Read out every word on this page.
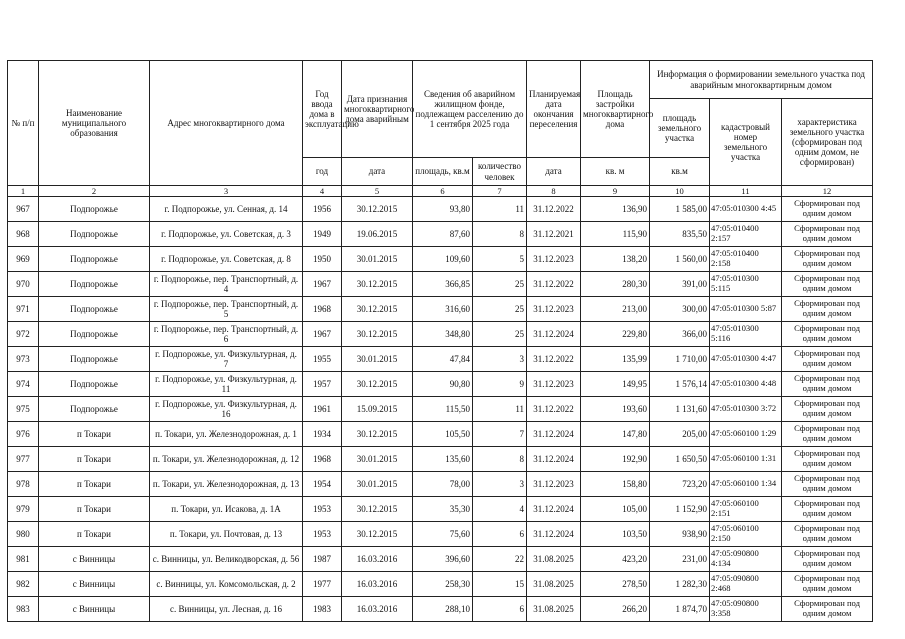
№ п/п	Наименование муниципального образования	Адрес многоквартирного дома	Год ввода дома в эксплуатацию	Дата признания многоквартирного дома аварийным	Сведения об аварийном жилищном фонде, подлежащем расселению до 1 сентября 2025 года		Планируемая дата окончания переселения	Площадь застройки многоквартирного дома	Информация о формировании земельного участка под аварийным многоквартирным домом		
									площадь земельного участка	кадастровый номер земельного участка	характеристика земельного участка (сформирован под одним домом, не сформирован)
			год	дата	площадь, кв.м	количество человек	дата	кв. м	кв.м		
1	2	3	4	5	6	7	8	9	10	11	12
967	Подпорожье	г. Подпорожье, ул. Сенная, д. 14	1956	30.12.2015	93,80	11	31.12.2022	136,90	1 585,00	47:05:010300 4:45	Сформирован под одним домом
968	Подпорожье	г. Подпорожье, ул. Советская, д. 3	1949	19.06.2015	87,60	8	31.12.2021	115,90	835,50	47:05:010400 2:157	Сформирован под одним домом
969	Подпорожье	г. Подпорожье, ул. Советская, д. 8	1950	30.01.2015	109,60	5	31.12.2023	138,20	1 560,00	47:05:010400 2:158	Сформирован под одним домом
970	Подпорожье	г. Подпорожье, пер. Транспортный, д. 4	1967	30.12.2015	366,85	25	31.12.2022	280,30	391,00	47:05:010300 5:115	Сформирован под одним домом
971	Подпорожье	г. Подпорожье, пер. Транспортный, д. 5	1968	30.12.2015	316,60	25	31.12.2023	213,00	300,00	47:05:010300 5:87	Сформирован под одним домом
972	Подпорожье	г. Подпорожье, пер. Транспортный, д. 6	1967	30.12.2015	348,80	25	31.12.2024	229,80	366,00	47:05:010300 5:116	Сформирован под одним домом
973	Подпорожье	г. Подпорожье, ул. Физкультурная, д. 7	1955	30.01.2015	47,84	3	31.12.2022	135,99	1 710,00	47:05:010300 4:47	Сформирован под одним домом
974	Подпорожье	г. Подпорожье, ул. Физкультурная, д. 11	1957	30.12.2015	90,80	9	31.12.2023	149,95	1 576,14	47:05:010300 4:48	Сформирован под одним домом
975	Подпорожье	г. Подпорожье, ул. Физкультурная, д. 16	1961	15.09.2015	115,50	11	31.12.2022	193,60	1 131,60	47:05:010300 3:72	Сформирован под одним домом
976	п Токари	п. Токари, ул. Железнодорожная, д. 1	1934	30.12.2015	105,50	7	31.12.2024	147,80	205,00	47:05:060100 1:29	Сформирован под одним домом
977	п Токари	п. Токари, ул. Железнодорожная, д. 12	1968	30.01.2015	135,60	8	31.12.2024	192,90	1 650,50	47:05:060100 1:31	Сформирован под одним домом
978	п Токари	п. Токари, ул. Железнодорожная, д. 13	1954	30.01.2015	78,00	3	31.12.2023	158,80	723,20	47:05:060100 1:34	Сформирован под одним домом
979	п Токари	п. Токари, ул. Исакова, д. 1А	1953	30.12.2015	35,30	4	31.12.2024	105,00	1 152,90	47:05:060100 2:151	Сформирован под одним домом
980	п Токари	п. Токари, ул. Почтовая, д. 13	1953	30.12.2015	75,60	6	31.12.2024	103,50	938,90	47:05:060100 2:150	Сформирован под одним домом
981	с Винницы	с. Винницы, ул. Великодворская, д. 56	1987	16.03.2016	396,60	22	31.08.2025	423,20	231,00	47:05:090800 4:134	Сформирован под одним домом
982	с Винницы	с. Винницы, ул. Комсомольская, д. 2	1977	16.03.2016	258,30	15	31.08.2025	278,50	1 282,30	47:05:090800 2:468	Сформирован под одним домом
983	с Винницы	с. Винницы, ул. Лесная, д. 16	1983	16.03.2016	288,10	6	31.08.2025	266,20	1 874,70	47:05:090800 3:358	Сформирован под одним домом
